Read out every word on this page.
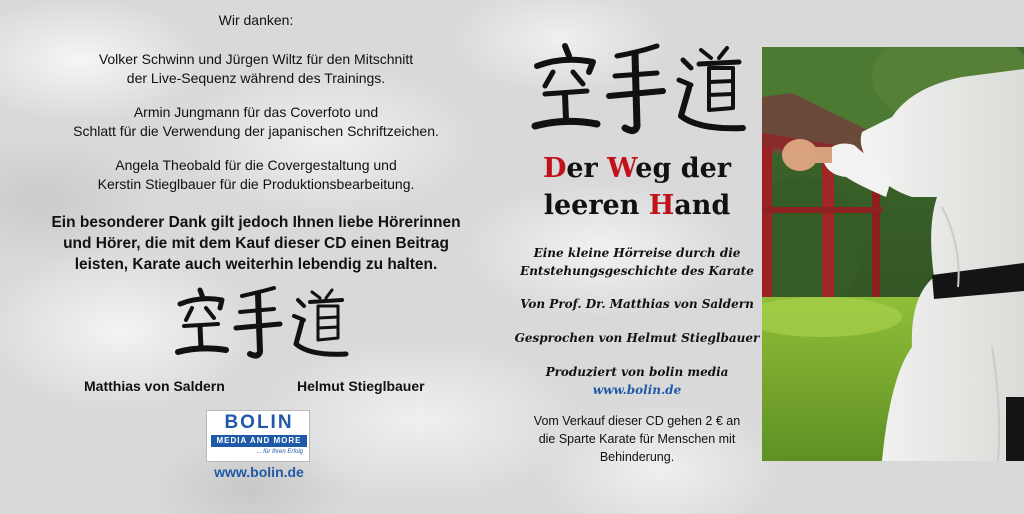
Wir danken:
Volker Schwinn und Jürgen Wiltz für den Mitschnitt
der Live-Sequenz während des Trainings.
Armin Jungmann für das Coverfoto und
Schlatt für die Verwendung der japanischen Schriftzeichen.
Angela Theobald für die Covergestaltung und
Kerstin Stieglbauer für die Produktionsbearbeitung.
Ein besonderer Dank gilt jedoch Ihnen liebe Hörerinnen
und Hörer, die mit dem Kauf dieser CD einen Beitrag
leisten, Karate auch weiterhin lebendig zu halten.
Matthias von Saldern	Helmut Stieglbauer
BOLIN
MEDIA AND MORE
... für Ihren Erfolg
www.bolin.de
Der Weg der
leeren Hand
Eine kleine Hörreise durch die
Entstehungsgeschichte des Karate
Von Prof. Dr. Matthias von Saldern
Gesprochen von Helmut Stieglbauer
Produziert von bolin media
www.bolin.de
Vom Verkauf dieser CD gehen 2 € an
die Sparte Karate für Menschen mit
Behinderung.
